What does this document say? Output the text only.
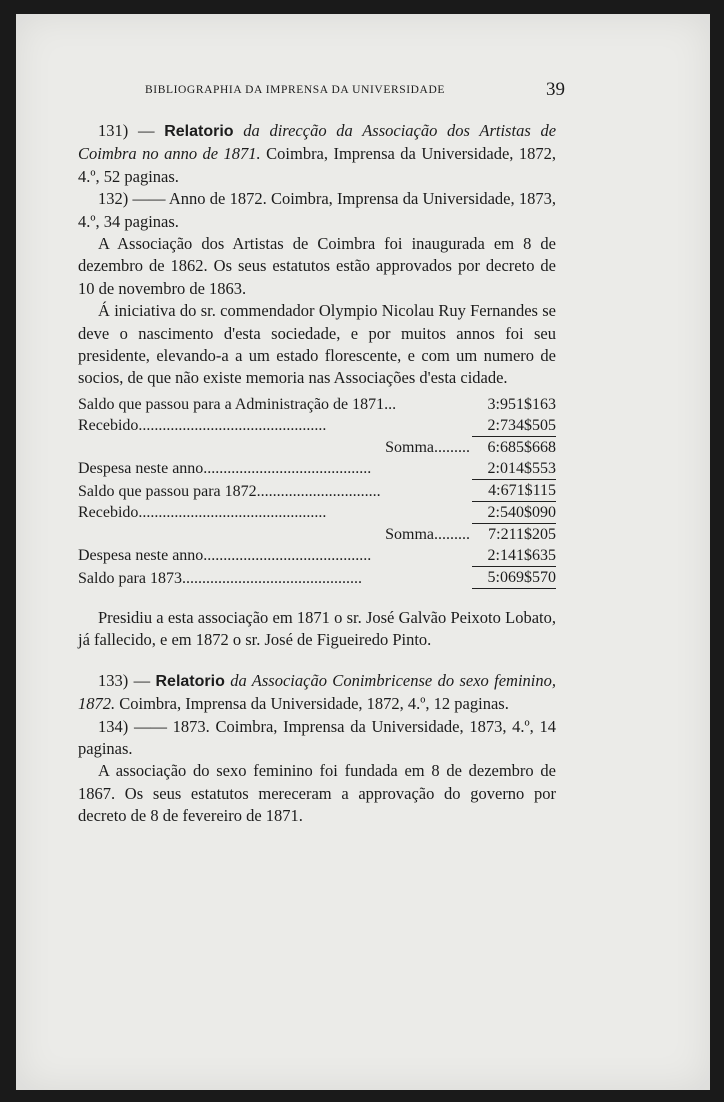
BIBLIOGRAPHIA DA IMPRENSA DA UNIVERSIDADE	39

131) — Relatorio da direcção da Associação dos Artistas de Coimbra no anno de 1871. Coimbra, Imprensa da Universidade, 1872, 4.º, 52 paginas.

132) —— Anno de 1872. Coimbra, Imprensa da Universidade, 1873, 4.º, 34 paginas.

A Associação dos Artistas de Coimbra foi inaugurada em 8 de dezembro de 1862. Os seus estatutos estão approvados por decreto de 10 de novembro de 1863.

Á iniciativa do sr. commendador Olympio Nicolau Ruy Fernandes se deve o nascimento d'esta sociedade, e por muitos annos foi seu presidente, elevando-a a um estado florescente, e com um numero de socios, de que não existe memoria nas Associações d'esta cidade.

Saldo que passou para a Administração de 1871...	3:951$163
Recebido...............................................	2:734$505
Somma.........	6:685$668
Despesa neste anno..........................................	2:014$553
Saldo que passou para 1872...............................	4:671$115
Recebido...............................................	2:540$090
Somma.........	7:211$205
Despesa neste anno..........................................	2:141$635
Saldo para 1873.............................................	5:069$570

Presidiu a esta associação em 1871 o sr. José Galvão Peixoto Lobato, já fallecido, e em 1872 o sr. José de Figueiredo Pinto.

133) — Relatorio da Associação Conimbricense do sexo feminino, 1872. Coimbra, Imprensa da Universidade, 1872, 4.º, 12 paginas.

134) —— 1873. Coimbra, Imprensa da Universidade, 1873, 4.º, 14 paginas.

A associação do sexo feminino foi fundada em 8 de dezembro de 1867. Os seus estatutos mereceram a approvação do governo por decreto de 8 de fevereiro de 1871.
